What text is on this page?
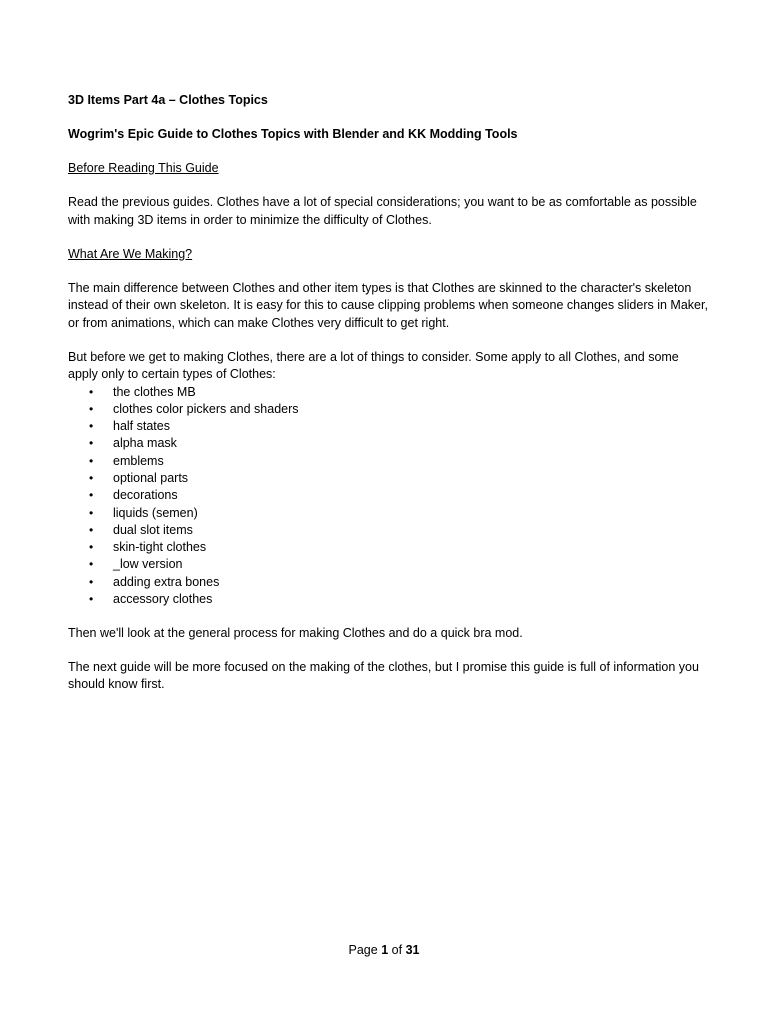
3D Items Part 4a – Clothes Topics
Wogrim's Epic Guide to Clothes Topics with Blender and KK Modding Tools
Before Reading This Guide

Read the previous guides. Clothes have a lot of special considerations; you want to be as comfortable as possible with making 3D items in order to minimize the difficulty of Clothes.

What Are We Making?

The main difference between Clothes and other item types is that Clothes are skinned to the character's skeleton instead of their own skeleton. It is easy for this to cause clipping problems when someone changes sliders in Maker, or from animations, which can make Clothes very difficult to get right.

But before we get to making Clothes, there are a lot of things to consider. Some apply to all Clothes, and some apply only to certain types of Clothes:

• the clothes MB
• clothes color pickers and shaders
• half states
• alpha mask
• emblems
• optional parts
• decorations
• liquids (semen)
• dual slot items
• skin-tight clothes
• _low version
• adding extra bones
• accessory clothes

Then we'll look at the general process for making Clothes and do a quick bra mod.

The next guide will be more focused on the making of the clothes, but I promise this guide is full of information you should know first.

Page 1 of 31
